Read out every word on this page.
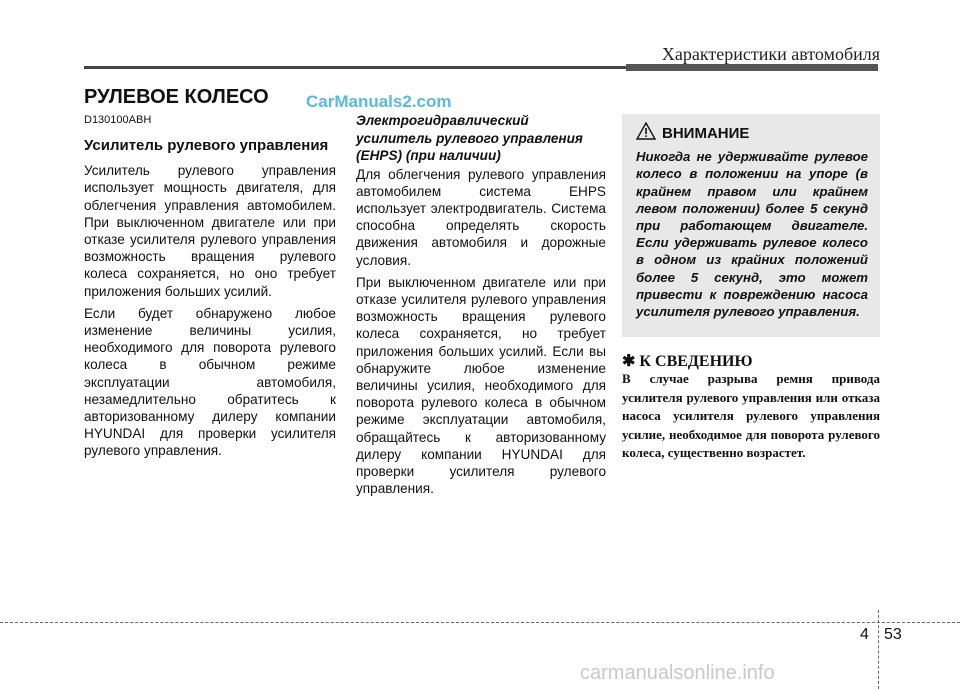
Характеристики автомобиля
РУЛЕВОЕ КОЛЕСО CarManuals2.com

D130100ABH

Усилитель рулевого управления

Усилитель рулевого управления использует мощность двигателя, для облегчения управления автомобилем. При выключенном двигателе или при отказе усилителя рулевого управления возможность вращения рулевого колеса сохраняется, но оно требует приложения больших усилий.

Если будет обнаружено любое изменение величины усилия, необходимого для поворота рулевого колеса в обычном режиме эксплуатации автомобиля, незамедлительно обратитесь к авторизованному дилеру компании HYUNDAI для проверки усилителя рулевого управления.

Электрогидравлический усилитель рулевого управления (EHPS) (при наличии)

Для облегчения рулевого управления автомобилем система EHPS использует электродвигатель. Система способна определять скорость движения автомобиля и дорожные условия.

При выключенном двигателе или при отказе усилителя рулевого управления возможность вращения рулевого колеса сохраняется, но требует приложения больших усилий. Если вы обнаружите любое изменение величины усилия, необходимого для поворота рулевого колеса в обычном режиме эксплуатации автомобиля, обращайтесь к авторизованному дилеру компании HYUNDAI для проверки усилителя рулевого управления.

ВНИМАНИЕ

Никогда не удерживайте рулевое колесо в положении на упоре (в крайнем правом или крайнем левом положении) более 5 секунд при работающем двигателе. Если удерживать рулевое колесо в одном из крайних положений более 5 секунд, это может привести к повреждению насоса усилителя рулевого управления.

✱ К СВЕДЕНИЮ

В случае разрыва ремня привода усилителя рулевого управления или отказа насоса усилителя рулевого управления усилие, необходимое для поворота рулевого колеса, существенно возрастет.

4 53
carmanualsonline.info
